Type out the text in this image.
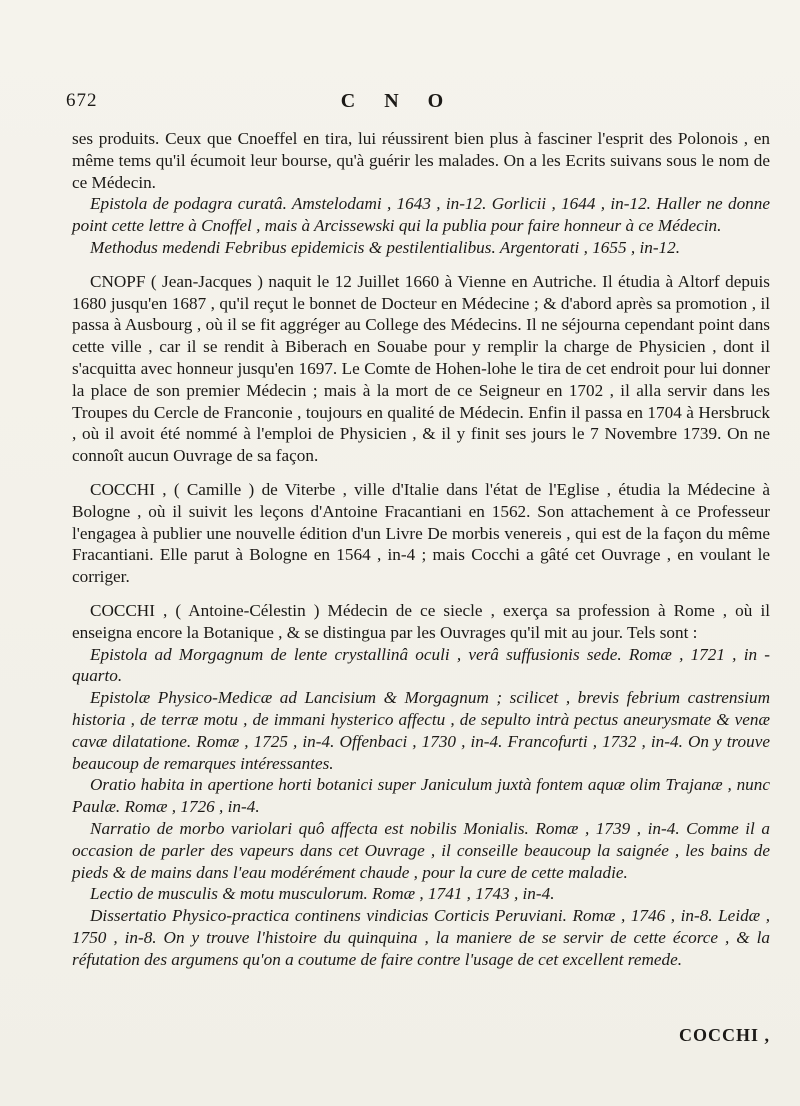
672	C N O

ses produits. Ceux que Cnoeffel en tira, lui réussirent bien plus à fasciner l'esprit des Polonois , en même tems qu'il écumoit leur bourse, qu'à guérir les malades. On a les Ecrits suivans sous le nom de ce Médecin.

Epistola de podagra curatâ. Amstelodami , 1643 , in-12. Gorlicii , 1644 , in-12. Haller ne donne point cette lettre à Cnoffel , mais à Arcissewski qui la publia pour faire honneur à ce Médecin.

Methodus medendi Febribus epidemicis & pestilentialibus. Argentorati , 1655 , in-12.

CNOPF ( Jean-Jacques ) naquit le 12 Juillet 1660 à Vienne en Autriche. Il étudia à Altorf depuis 1680 jusqu'en 1687 , qu'il reçut le bonnet de Docteur en Médecine ; & d'abord après sa promotion , il passa à Ausbourg , où il se fit aggréger au College des Médecins. Il ne séjourna cependant point dans cette ville , car il se rendit à Biberach en Souabe pour y remplir la charge de Physicien , dont il s'acquitta avec honneur jusqu'en 1697. Le Comte de Hohen-lohe le tira de cet endroit pour lui donner la place de son premier Médecin ; mais à la mort de ce Seigneur en 1702 , il alla servir dans les Troupes du Cercle de Franconie , toujours en qualité de Médecin. Enfin il passa en 1704 à Hersbruck , où il avoit été nommé à l'emploi de Physicien , & il y finit ses jours le 7 Novembre 1739. On ne connoît aucun Ouvrage de sa façon.

COCCHI , ( Camille ) de Viterbe , ville d'Italie dans l'état de l'Eglise , étudia la Médecine à Bologne , où il suivit les leçons d'Antoine Fracantiani en 1562. Son attachement à ce Professeur l'engagea à publier une nouvelle édition d'un Livre De morbis venereis , qui est de la façon du même Fracantiani. Elle parut à Bologne en 1564 , in-4 ; mais Cocchi a gâté cet Ouvrage , en voulant le corriger.

COCCHI , ( Antoine-Célestin ) Médecin de ce siecle , exerça sa profession à Rome , où il enseigna encore la Botanique , & se distingua par les Ouvrages qu'il mit au jour. Tels sont :

Epistola ad Morgagnum de lente crystallinâ oculi , verâ suffusionis sede. Romæ , 1721 , in - quarto.

Epistolæ Physico-Medicæ ad Lancisium & Morgagnum ; scilicet , brevis febrium castrensium historia , de terræ motu , de immani hysterico affectu , de sepulto intrà pectus aneurysmate & venæ cavæ dilatatione. Romæ , 1725 , in-4. Offenbaci , 1730 , in-4. Francofurti , 1732 , in-4. On y trouve beaucoup de remarques intéressantes.

Oratio habita in apertione horti botanici super Janiculum juxtà fontem aquæ olim Trajanæ , nunc Paulæ. Romæ , 1726 , in-4.

Narratio de morbo variolari quô affecta est nobilis Monialis. Romæ , 1739 , in-4. Comme il a occasion de parler des vapeurs dans cet Ouvrage , il conseille beaucoup la saignée , les bains de pieds & de mains dans l'eau modérément chaude , pour la cure de cette maladie.

Lectio de musculis & motu musculorum. Romæ , 1741 , 1743 , in-4.

Dissertatio Physico-practica continens vindicias Corticis Peruviani. Romæ , 1746 , in-8. Leidæ , 1750 , in-8. On y trouve l'histoire du quinquina , la maniere de se servir de cette écorce , & la réfutation des argumens qu'on a coutume de faire contre l'usage de cet excellent remede.

COCCHI ,
